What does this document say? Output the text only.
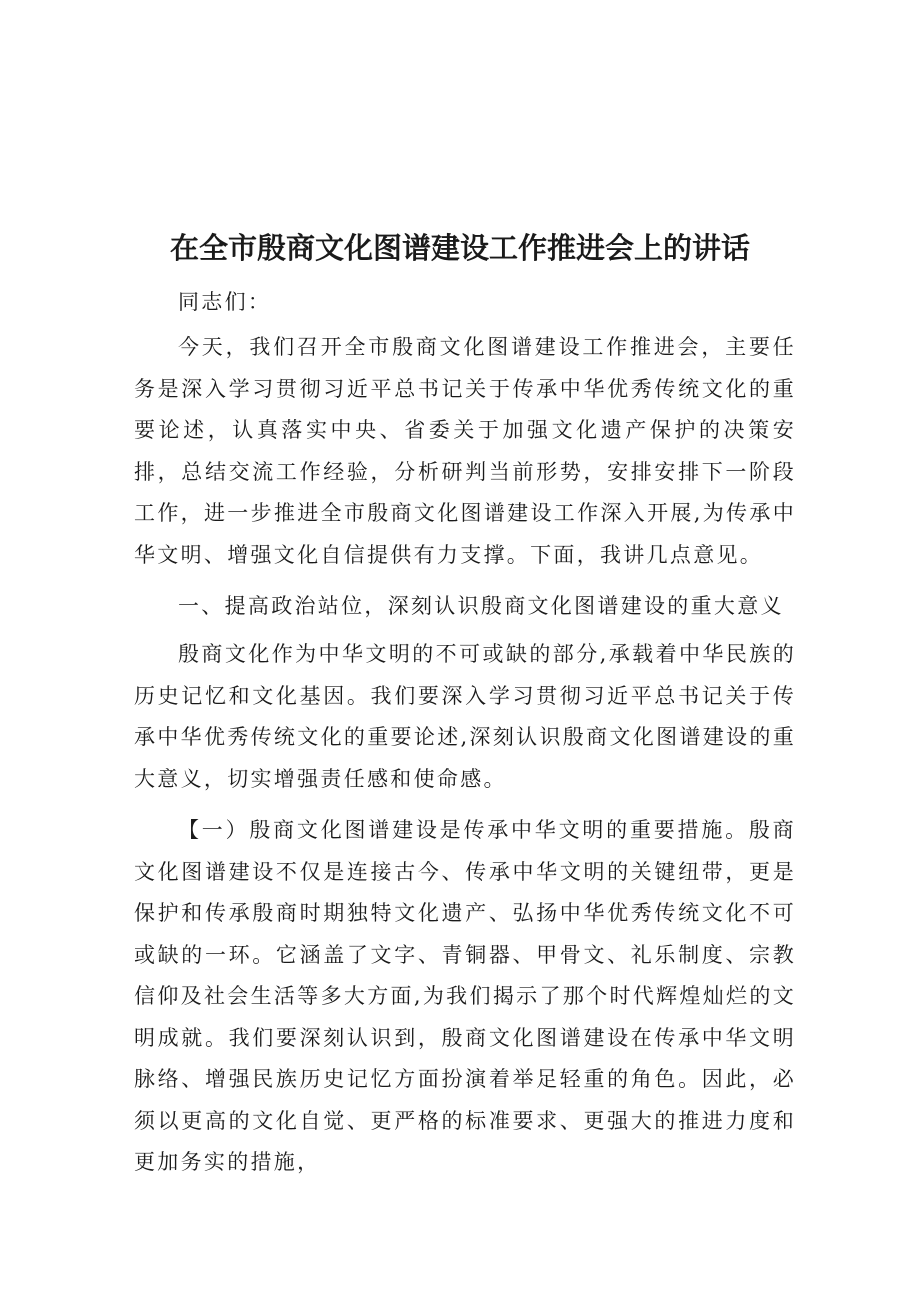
在全市殷商文化图谱建设工作推进会上的讲话

同志们：

今天，我们召开全市殷商文化图谱建设工作推进会，主要任务是深入学习贯彻习近平总书记关于传承中华优秀传统文化的重要论述，认真落实中央、省委关于加强文化遗产保护的决策安排，总结交流工作经验，分析研判当前形势，安排安排下一阶段工作，进一步推进全市殷商文化图谱建设工作深入开展,为传承中华文明、增强文化自信提供有力支撑。下面，我讲几点意见。

一、提高政治站位，深刻认识殷商文化图谱建设的重大意义

殷商文化作为中华文明的不可或缺的部分,承载着中华民族的历史记忆和文化基因。我们要深入学习贯彻习近平总书记关于传承中华优秀传统文化的重要论述,深刻认识殷商文化图谱建设的重大意义，切实增强责任感和使命感。

【一）殷商文化图谱建设是传承中华文明的重要措施。殷商文化图谱建设不仅是连接古今、传承中华文明的关键纽带，更是保护和传承殷商时期独特文化遗产、弘扬中华优秀传统文化不可或缺的一环。它涵盖了文字、青铜器、甲骨文、礼乐制度、宗教信仰及社会生活等多大方面,为我们揭示了那个时代辉煌灿烂的文明成就。我们要深刻认识到，殷商文化图谱建设在传承中华文明脉络、增强民族历史记忆方面扮演着举足轻重的角色。因此，必须以更高的文化自觉、更严格的标准要求、更强大的推进力度和更加务实的措施，
